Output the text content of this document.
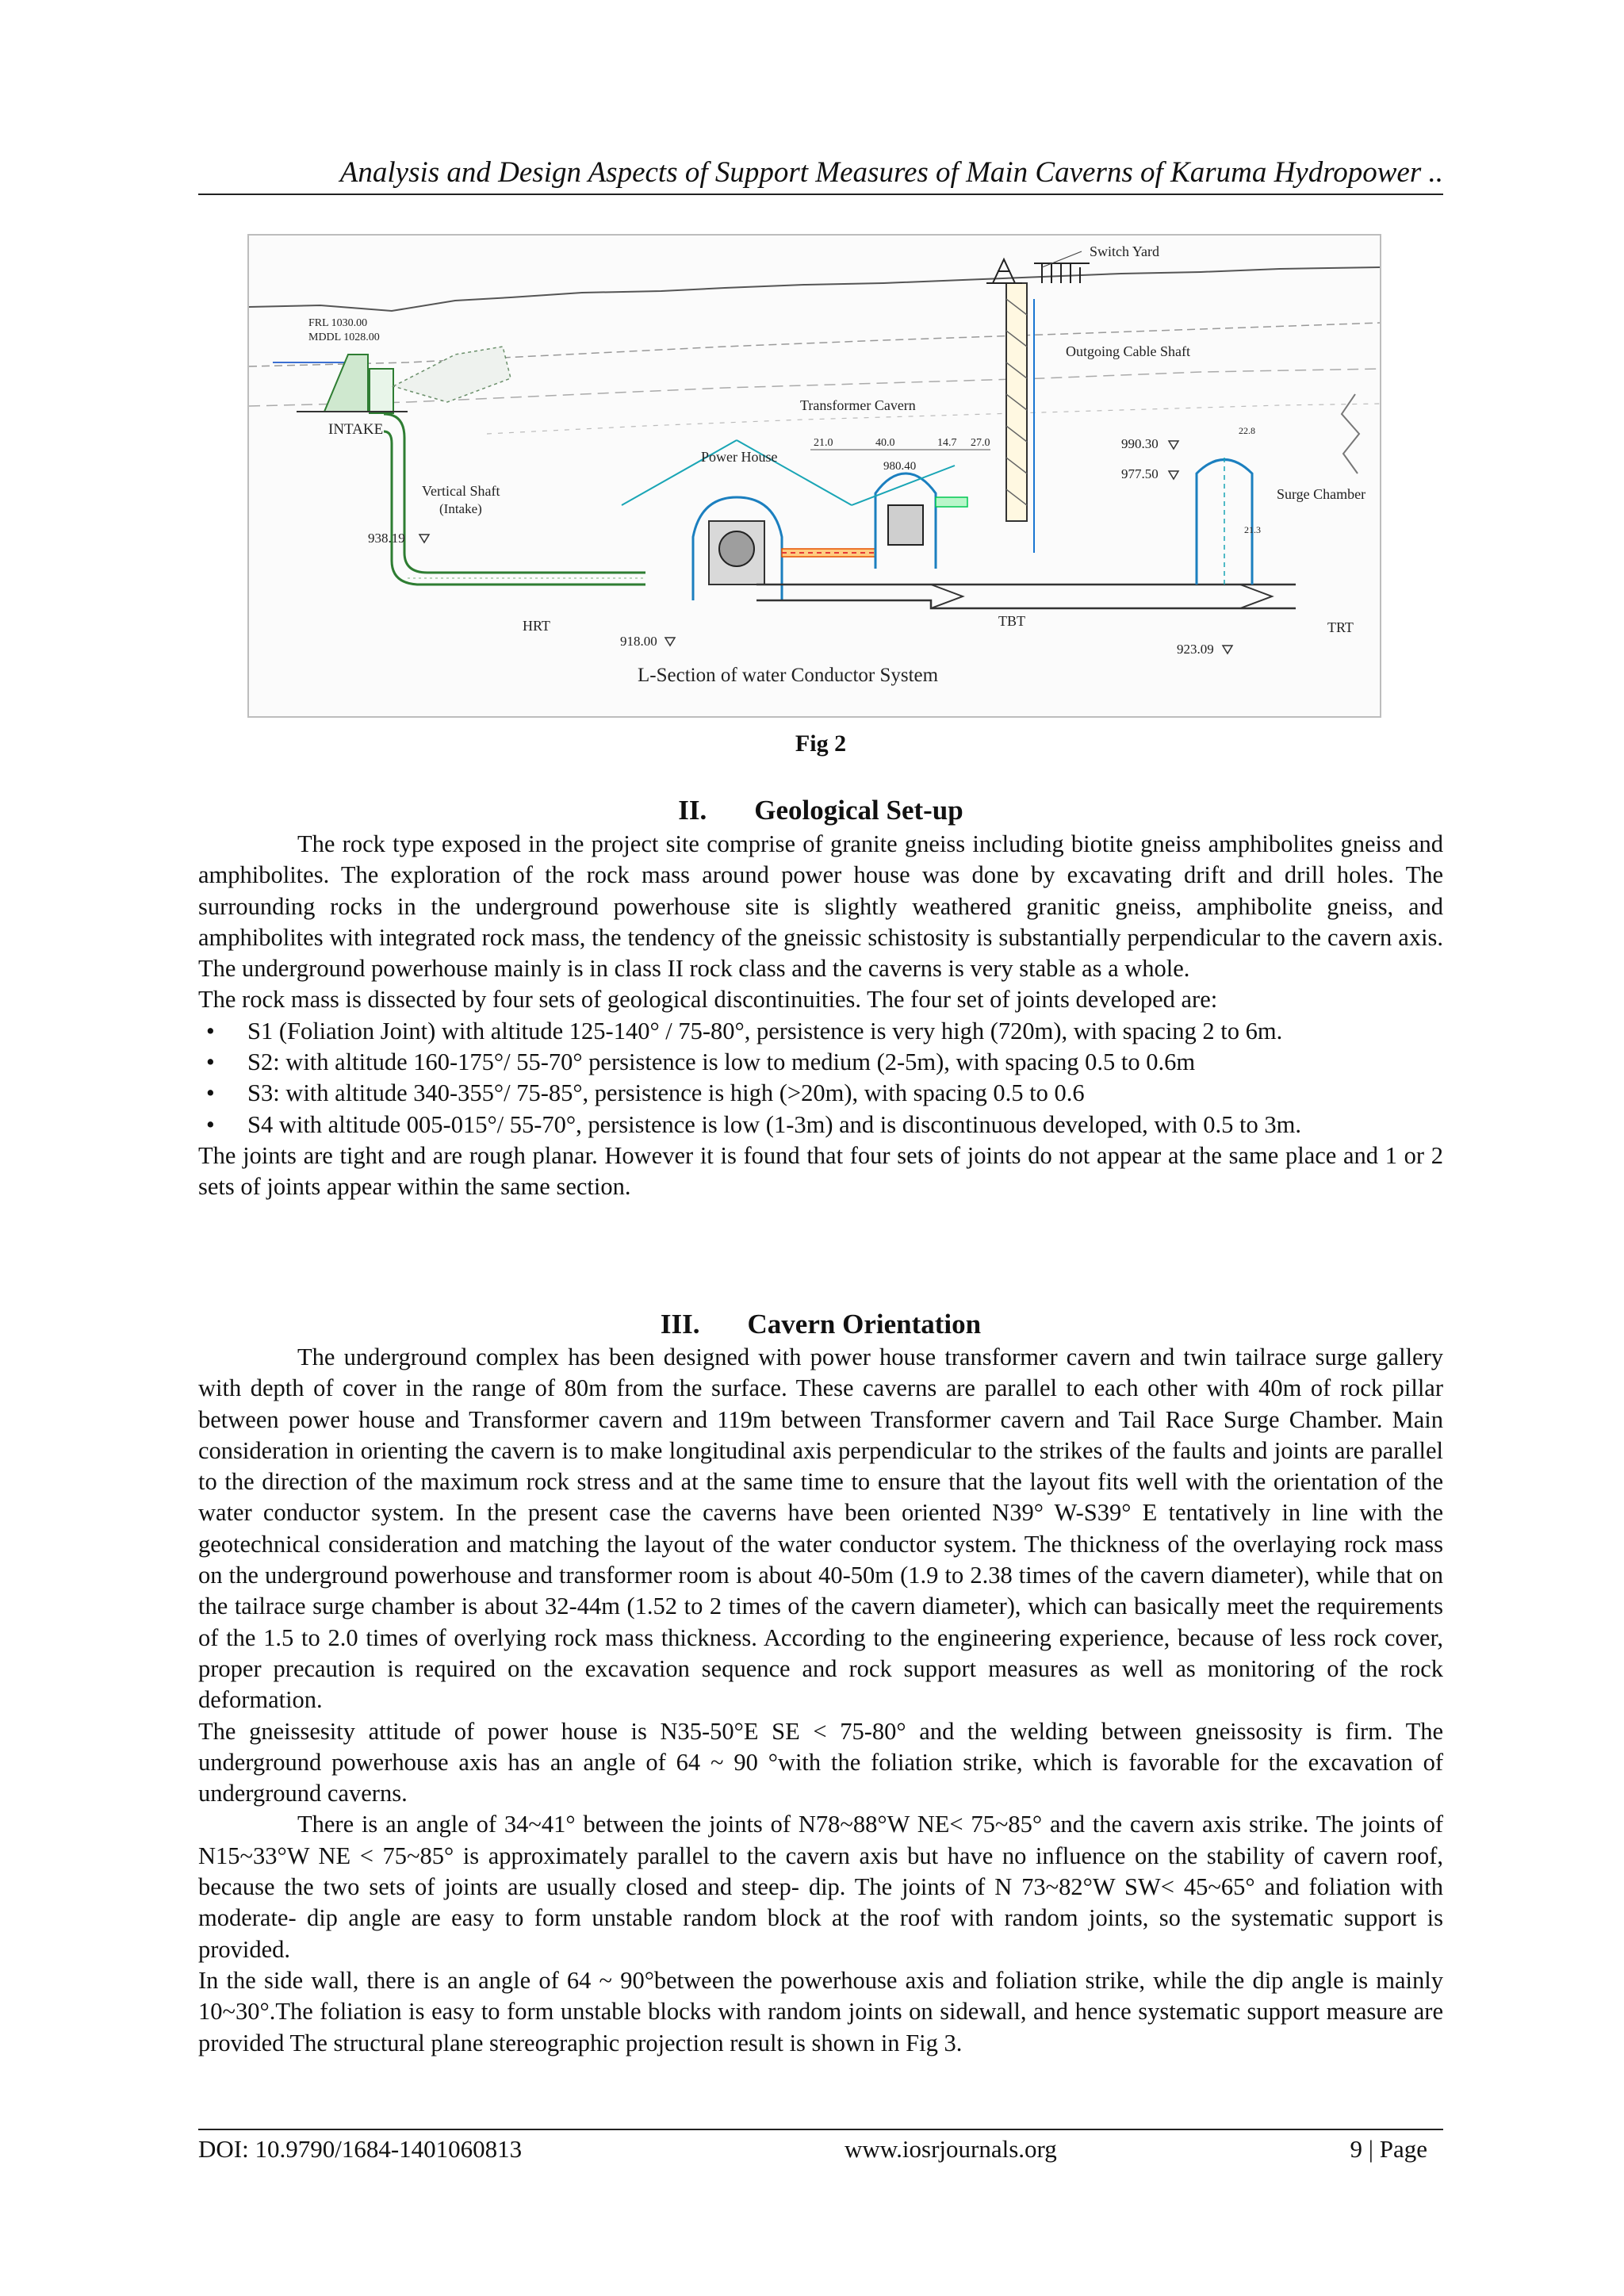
Analysis and Design Aspects of Support Measures of Main Caverns of Karuma Hydropower ..
938.19
918.00
990.30
977.50
923.09
980.40
21.0	40.0	14.7 27.0
22.8
21.3
Switch Yard
FRL 1030.00
MDDL 1028.00
Outgoing Cable Shaft
INTAKE
Transformer Cavern
Power House
Vertical Shaft
(Intake)
HRT	TBT	TRT
Surge Chamber
L-Section of water Conductor System
Fig 2
II. Geological Set-up

The rock type exposed in the project site comprise of granite gneiss including biotite gneiss amphibolites gneiss and amphibolites. The exploration of the rock mass around power house was done by excavating drift and drill holes. The surrounding rocks in the underground powerhouse site is slightly weathered granitic gneiss, amphibolite gneiss, and amphibolites with integrated rock mass, the tendency of the gneissic schistosity is substantially perpendicular to the cavern axis. The underground powerhouse mainly is in class II rock class and the caverns is very stable as a whole.

The rock mass is dissected by four sets of geological discontinuities. The four set of joints developed are:

• S1 (Foliation Joint) with altitude 125-140° / 75-80°, persistence is very high (720m), with spacing 2 to 6m.
• S2: with altitude 160-175°/ 55-70° persistence is low to medium (2-5m), with spacing 0.5 to 0.6m
• S3: with altitude 340-355°/ 75-85°, persistence is high (>20m), with spacing 0.5 to 0.6
• S4 with altitude 005-015°/ 55-70°, persistence is low (1-3m) and is discontinuous developed, with 0.5 to 3m.

The joints are tight and are rough planar. However it is found that four sets of joints do not appear at the same place and 1 or 2 sets of joints appear within the same section.

III. Cavern Orientation

The underground complex has been designed with power house transformer cavern and twin tailrace surge gallery with depth of cover in the range of 80m from the surface. These caverns are parallel to each other with 40m of rock pillar between power house and Transformer cavern and 119m between Transformer cavern and Tail Race Surge Chamber. Main consideration in orienting the cavern is to make longitudinal axis perpendicular to the strikes of the faults and joints are parallel to the direction of the maximum rock stress and at the same time to ensure that the layout fits well with the orientation of the water conductor system. In the present case the caverns have been oriented N39° W-S39° E tentatively in line with the geotechnical consideration and matching the layout of the water conductor system. The thickness of the overlaying rock mass on the underground powerhouse and transformer room is about 40-50m (1.9 to 2.38 times of the cavern diameter), while that on the tailrace surge chamber is about 32-44m (1.52 to 2 times of the cavern diameter), which can basically meet the requirements of the 1.5 to 2.0 times of overlying rock mass thickness. According to the engineering experience, because of less rock cover, proper precaution is required on the excavation sequence and rock support measures as well as monitoring of the rock deformation.

The gneissesity attitude of power house is N35-50°E SE < 75-80° and the welding between gneissosity is firm. The underground powerhouse axis has an angle of 64 ~ 90 °with the foliation strike, which is favorable for the excavation of underground caverns.

There is an angle of 34~41° between the joints of N78~88°W NE< 75~85° and the cavern axis strike. The joints of N15~33°W NE < 75~85° is approximately parallel to the cavern axis but have no influence on the stability of cavern roof, because the two sets of joints are usually closed and steep- dip. The joints of N 73~82°W SW< 45~65° and foliation with moderate- dip angle are easy to form unstable random block at the roof with random joints, so the systematic support is provided.

In the side wall, there is an angle of 64 ~ 90°between the powerhouse axis and foliation strike, while the dip angle is mainly 10~30°.The foliation is easy to form unstable blocks with random joints on sidewall, and hence systematic support measure are provided The structural plane stereographic projection result is shown in Fig 3.

DOI: 10.9790/1684-1401060813	www.iosrjournals.org	9 | Page
